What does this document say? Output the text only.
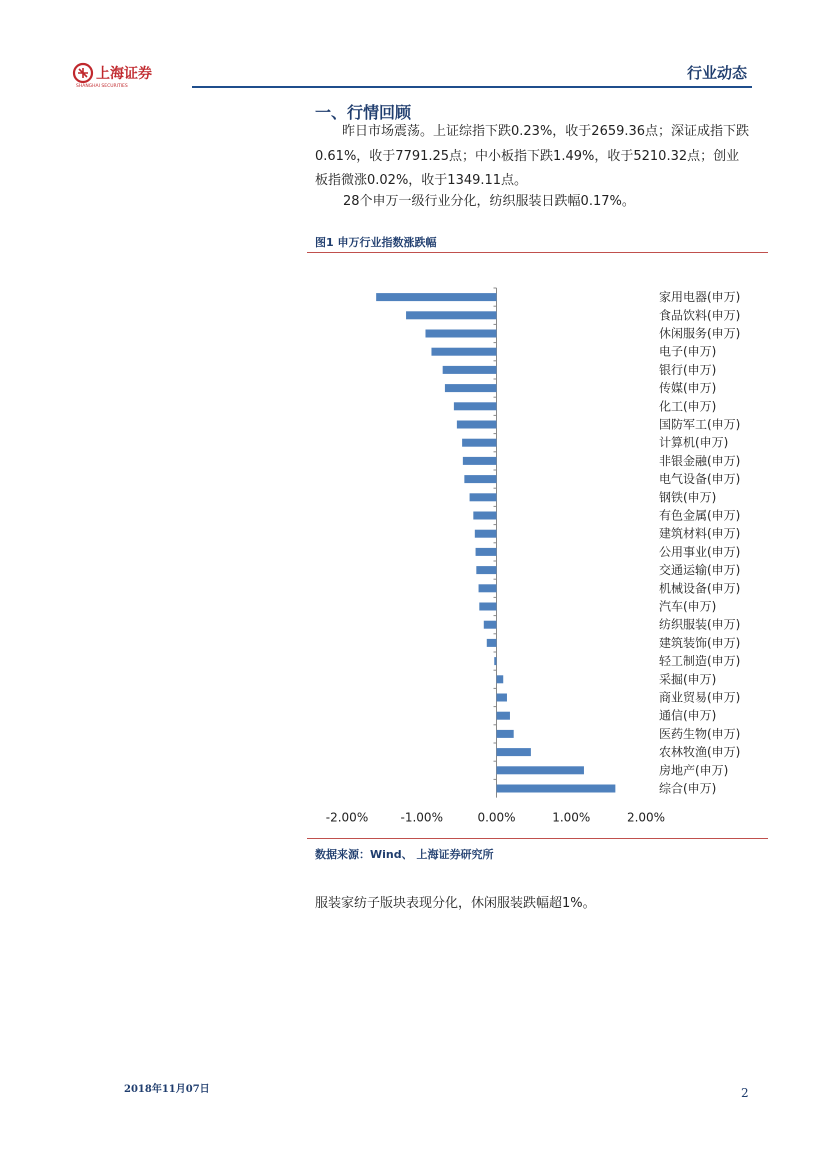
上海证券
SHANGHAI SECURITIES
行业动态
一、行情回顾
昨日市场震荡。上证综指下跌0.23%，收于2659.36点；深证成指下跌0.61%，收于7791.25点；中小板指下跌1.49%，收于5210.32点；创业板指微涨0.02%，收于1349.11点。
28个申万一级行业分化，纺织服装日跌幅0.17%。
图1 申万行业指数涨跌幅
家用电器(申万)
食品饮料(申万)
休闲服务(申万)
电子(申万)
银行(申万)
传媒(申万)
化工(申万)
国防军工(申万)
计算机(申万)
非银金融(申万)
电气设备(申万)
钢铁(申万)
有色金属(申万)
建筑材料(申万)
公用事业(申万)
交通运输(申万)
机械设备(申万)
汽车(申万)
纺织服装(申万)
建筑装饰(申万)
轻工制造(申万)
采掘(申万)
商业贸易(申万)
通信(申万)
医药生物(申万)
农林牧渔(申万)
房地产(申万)
综合(申万)
-2.00%	-1.00%	0.00%	1.00%	2.00%
数据来源：Wind、 上海证券研究所
服装家纺子版块表现分化，休闲服装跌幅超1%。
2018年11月07日	2
